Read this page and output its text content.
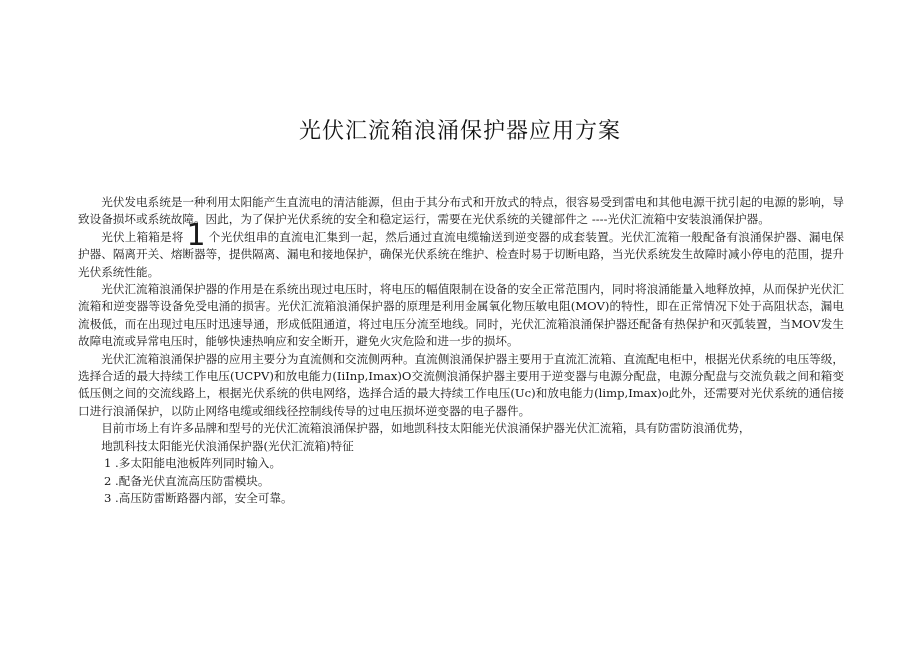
光伏汇流箱浪涌保护器应用方案

光伏发电系统是一种利用太阳能产生直流电的清洁能源，但由于其分布式和开放式的特点，很容易受到雷电和其他电源干扰引起的电源的影响，导致设备损坏或系统故障。因此，为了保护光伏系统的安全和稳定运行，需要在光伏系统的关键部件之 ----光伏汇流箱中安装浪涌保护器。

光伏上箱箱是将 1 个光伏组串的直流电汇集到一起，然后通过直流电缆输送到逆变器的成套装置。光伏汇流箱一般配备有浪涌保护器、漏电保护器、隔离开关、熔断器等，提供隔离、漏电和接地保护，确保光伏系统在维护、检查时易于切断电路，当光伏系统发生故障时减小停电的范围，提升光伏系统性能。

光伏汇流箱浪涌保护器的作用是在系统出现过电压时，将电压的幅值限制在设备的安全正常范围内，同时将浪涌能量入地释放掉，从而保护光伏汇流箱和逆变器等设备免受电涌的损害。光伏汇流箱浪涌保护器的原理是利用金属氧化物压敏电阻(MOV)的特性，即在正常情况下处于高阻状态，漏电流极低，而在出现过电压时迅速导通，形成低阻通道，将过电压分流至地线。同时，光伏汇流箱浪涌保护器还配备有热保护和灭弧装置，当MOV发生故障电流或异常电压时，能够快速热响应和安全断开，避免火灾危险和进一步的损坏。

光伏汇流箱浪涌保护器的应用主要分为直流侧和交流侧两种。直流侧浪涌保护器主要用于直流汇流箱、直流配电柜中，根据光伏系统的电压等级，选择合适的最大持续工作电压(UCPV)和放电能力(IiInp,Imax)O交流侧浪涌保护器主要用于逆变器与电源分配盘，电源分配盘与交流负载之间和箱变低压侧之间的交流线路上，根据光伏系统的供电网络，选择合适的最大持续工作电压(Uc)和放电能力(limp,Imax)o此外，还需要对光伏系统的通信接口进行浪涌保护，以防止网络电缆或细线径控制线传导的过电压损坏逆变器的电子器件。

目前市场上有许多品牌和型号的光伏汇流箱浪涌保护器，如地凯科技太阳能光伏浪涌保护器光伏汇流箱，具有防雷防浪涌优势，

地凯科技太阳能光伏浪涌保护器(光伏汇流箱)特征

1 .多太阳能电池板阵列同时输入。

2 .配备光伏直流高压防雷模块。

3 .高压防雷断路器内部，安全可靠。
